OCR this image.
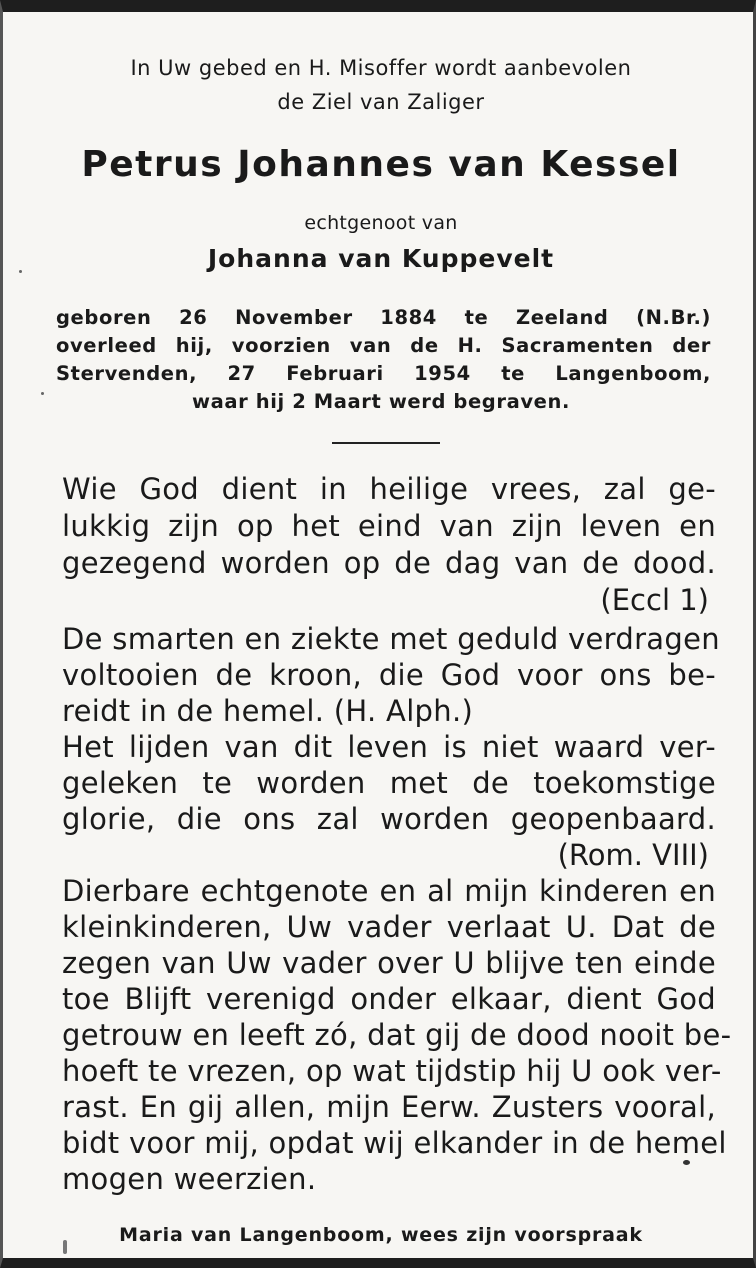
In Uw gebed en H. Misoffer wordt aanbevolen
de Ziel van Zaliger
Petrus Johannes van Kessel
echtgenoot van
Johanna van Kuppevelt
geboren 26 November 1884 te Zeeland (N.Br.)
overleed hij, voorzien van de H. Sacramenten der
Stervenden, 27 Februari 1954 te Langenboom,
waar hij 2 Maart werd begraven.
Wie God dient in heilige vrees, zal ge-
lukkig zijn op het eind van zijn leven en
gezegend worden op de dag van de dood.
(Eccl 1)
De smarten en ziekte met geduld verdragen
voltooien de kroon, die God voor ons be-
reidt in de hemel. (H. Alph.)
Het lijden van dit leven is niet waard ver-
geleken te worden met de toekomstige
glorie, die ons zal worden geopenbaard.
(Rom. VIII)
Dierbare echtgenote en al mijn kinderen en
kleinkinderen, Uw vader verlaat U. Dat de
zegen van Uw vader over U blijve ten einde
toe Blijft verenigd onder elkaar, dient God
getrouw en leeft zó, dat gij de dood nooit be-
hoeft te vrezen, op wat tijdstip hij U ook ver-
rast. En gij allen, mijn Eerw. Zusters vooral,
bidt voor mij, opdat wij elkander in de hemel
mogen weerzien.
Maria van Langenboom, wees zijn voorspraak
